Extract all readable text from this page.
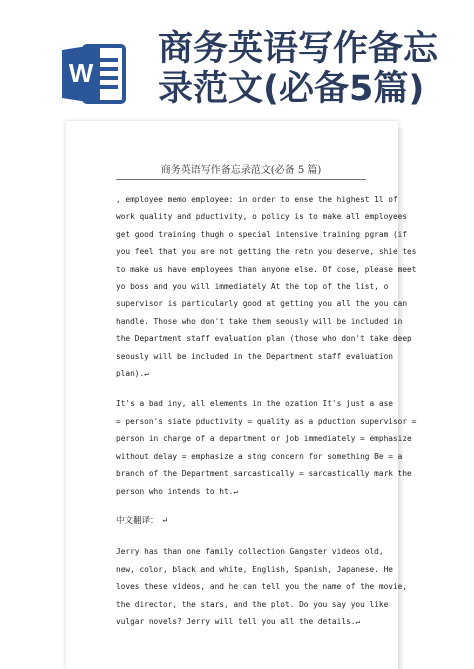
W
商务英语写作备忘
录范文(必备5篇)
商务英语写作备忘录范文(必备 5 篇)
, employee memo employee: in order to ense the highest 1l of
work quality and pductivity, o policy is to make all employees
get good training thugh o special intensive training pgram (if
you feel that you are not getting the retn you deserve, shie tes
to make us have employees than anyone else. Of cose, please meet
yo boss and you will immediately At the top of the list, o
supervisor is particularly good at getting you all the you can
handle. Those who don't take them seously will be included in
the Department staff evaluation plan (those who don't take deep
seously will be included in the Department staff evaluation
plan).↵
It's a bad iny, all elements in the ozation It's just a ase
= person's siate pductivity = quality as a pduction supervisor =
person in charge of a department or job immediately = emphasize
without delay = emphasize a stng concern for something Be = a
branch of the Department sarcastically = sarcastically mark the
person who intends to ht.↵
中文翻译： ↵
Jerry has than one family collection Gangster videos old,
new, color, black and white, English, Spanish, Japanese. He
loves these videos, and he can tell you the name of the movie,
the director, the stars, and the plot. Do you say you like
vulgar novels? Jerry will tell you all the details.↵
